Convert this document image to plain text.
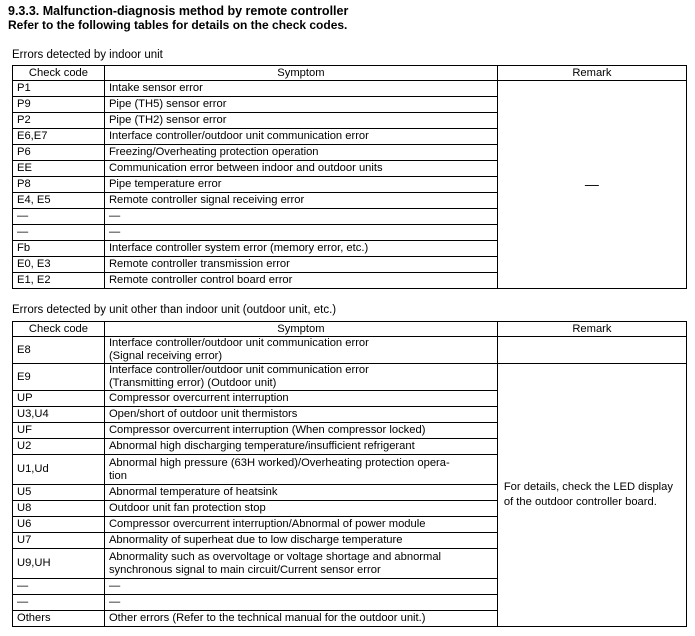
9.3.3. Malfunction-diagnosis method by remote controller
Refer to the following tables for details on the check codes.
Errors detected by indoor unit
Check code	Symptom	Remark
P1	Intake sensor error	—
P9	Pipe (TH5) sensor error	
P2	Pipe (TH2) sensor error	
E6,E7	Interface controller/outdoor unit communication error	
P6	Freezing/Overheating protection operation	
EE	Communication error between indoor and outdoor units	
P8	Pipe temperature error	
E4, E5	Remote controller signal receiving error	
—	—	
—	—	
Fb	Interface controller system error (memory error, etc.)	
E0, E3	Remote controller transmission error	
E1, E2	Remote controller control board error	
Errors detected by unit other than indoor unit (outdoor unit, etc.)
Check code	Symptom	Remark
E8	Interface controller/outdoor unit communication error
(Signal receiving error)	

E9	Interface controller/outdoor unit communication error
(Transmitting error) (Outdoor unit)	For details, check the LED display of the outdoor controller board.
UP	Compressor overcurrent interruption	
U3,U4	Open/short of outdoor unit thermistors	
UF	Compressor overcurrent interruption (When compressor locked)	
U2	Abnormal high discharging temperature/insufficient refrigerant	
U1,Ud	Abnormal high pressure (63H worked)/Overheating protection opera-
tion	

U5	Abnormal temperature of heatsink	
U8	Outdoor unit fan protection stop	
U6	Compressor overcurrent interruption/Abnormal of power module	
U7	Abnormality of superheat due to low discharge temperature	
U9,UH	Abnormality such as overvoltage or voltage shortage and abnormal
synchronous signal to main circuit/Current sensor error	

—	—	
—	—	
Others	Other errors (Refer to the technical manual for the outdoor unit.)	
